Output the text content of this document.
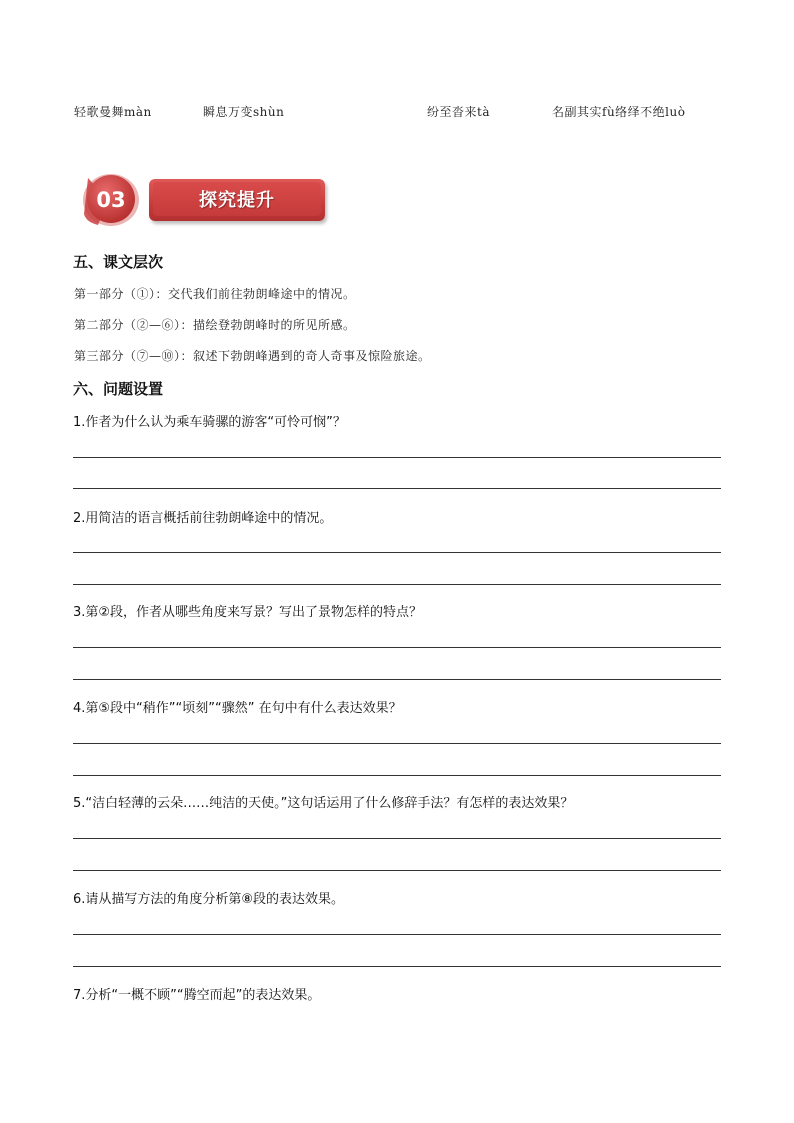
轻歌曼舞màn	瞬息万变shùn	纷至沓来tà	名副其实fù络绎不绝luò
03	探究提升
五、课文层次
第一部分（①）：交代我们前往勃朗峰途中的情况。
第二部分（②—⑥）：描绘登勃朗峰时的所见所感。
第三部分（⑦—⑩）：叙述下勃朗峰遇到的奇人奇事及惊险旅途。
六、问题设置
1.作者为什么认为乘车骑骡的游客“可怜可悯”？
2.用简洁的语言概括前往勃朗峰途中的情况。
3.第②段，作者从哪些角度来写景？写出了景物怎样的特点？
4.第⑤段中“稍作”“顷刻”“骤然” 在句中有什么表达效果？
5.“洁白轻薄的云朵……纯洁的天使。”这句话运用了什么修辞手法？有怎样的表达效果？
6.请从描写方法的角度分析第⑧段的表达效果。
7.分析“一概不顾”“腾空而起”的表达效果。
